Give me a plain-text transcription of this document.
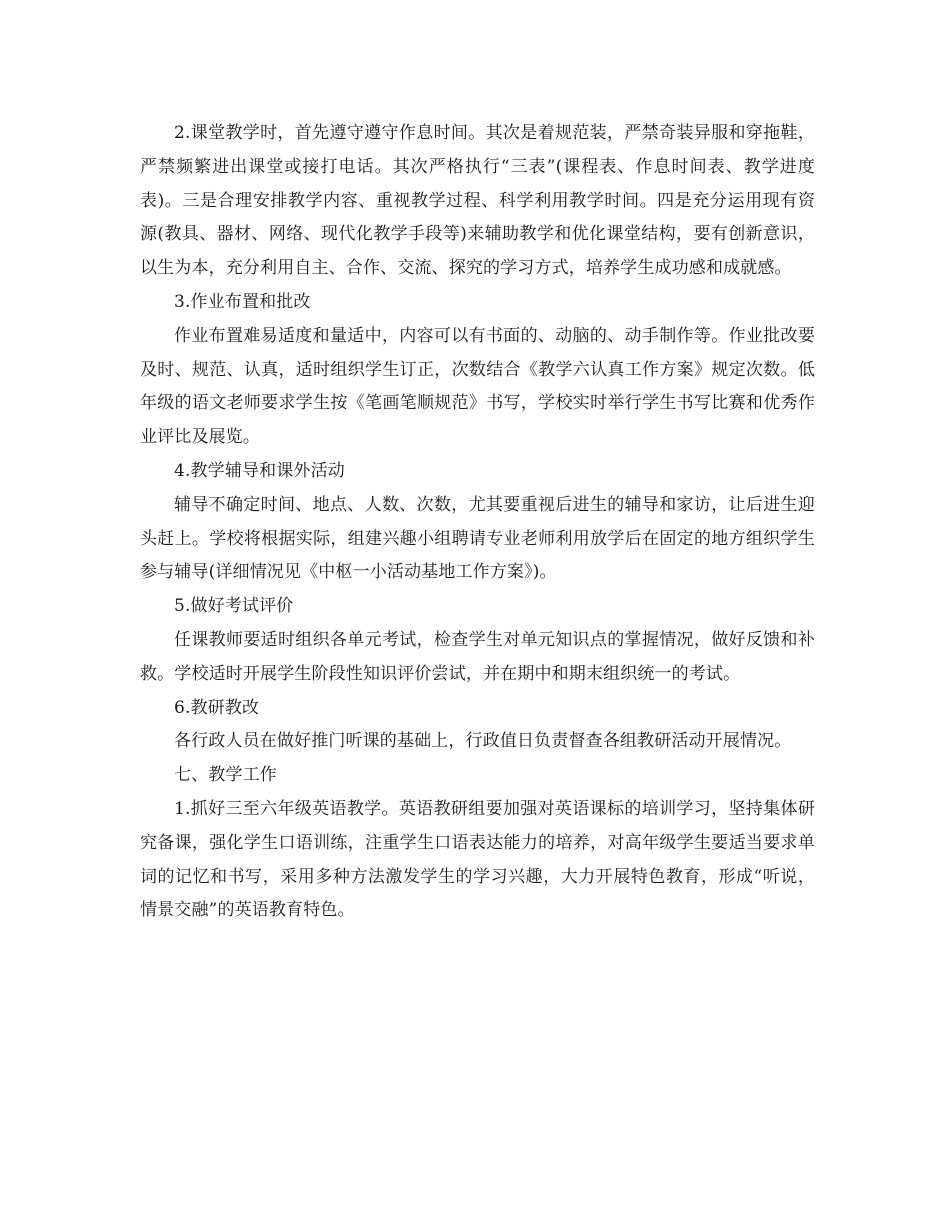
2.课堂教学时，首先遵守遵守作息时间。其次是着规范装，严禁奇装异服和穿拖鞋，严禁频繁进出课堂或接打电话。其次严格执行“三表”(课程表、作息时间表、教学进度表)。三是合理安排教学内容、重视教学过程、科学利用教学时间。四是充分运用现有资源(教具、器材、网络、现代化教学手段等)来辅助教学和优化课堂结构，要有创新意识，以生为本，充分利用自主、合作、交流、探究的学习方式，培养学生成功感和成就感。

3.作业布置和批改

作业布置难易适度和量适中，内容可以有书面的、动脑的、动手制作等。作业批改要及时、规范、认真，适时组织学生订正，次数结合《教学六认真工作方案》规定次数。低年级的语文老师要求学生按《笔画笔顺规范》书写，学校实时举行学生书写比赛和优秀作业评比及展览。

4.教学辅导和课外活动

辅导不确定时间、地点、人数、次数，尤其要重视后进生的辅导和家访，让后进生迎头赶上。学校将根据实际，组建兴趣小组聘请专业老师利用放学后在固定的地方组织学生参与辅导(详细情况见《中枢一小活动基地工作方案》)。

5.做好考试评价

任课教师要适时组织各单元考试，检查学生对单元知识点的掌握情况，做好反馈和补救。学校适时开展学生阶段性知识评价尝试，并在期中和期末组织统一的考试。

6.教研教改

各行政人员在做好推门听课的基础上，行政值日负责督查各组教研活动开展情况。

七、教学工作

1.抓好三至六年级英语教学。英语教研组要加强对英语课标的培训学习，坚持集体研究备课，强化学生口语训练，注重学生口语表达能力的培养，对高年级学生要适当要求单词的记忆和书写，采用多种方法激发学生的学习兴趣，大力开展特色教育，形成“听说，情景交融”的英语教育特色。
